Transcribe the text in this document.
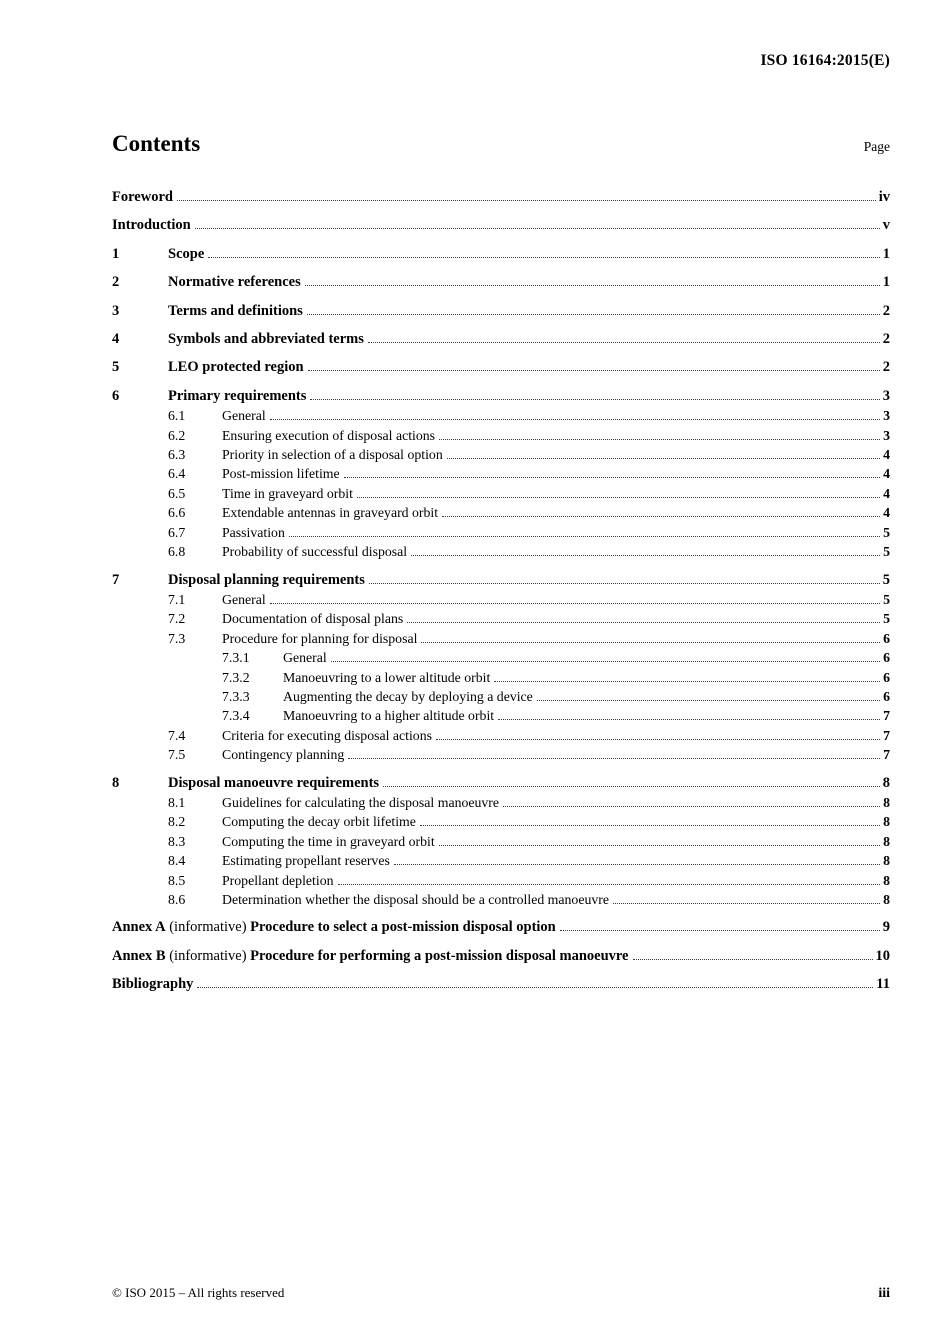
ISO 16164:2015(E)
Contents	Page
Foreword	iv
Introduction	v
1	Scope	1
2	Normative references	1
3	Terms and definitions	2
4	Symbols and abbreviated terms	2
5	LEO protected region	2
6	Primary requirements	3
6.1	General	3
6.2	Ensuring execution of disposal actions	3
6.3	Priority in selection of a disposal option	4
6.4	Post-mission lifetime	4
6.5	Time in graveyard orbit	4
6.6	Extendable antennas in graveyard orbit	4
6.7	Passivation	5
6.8	Probability of successful disposal	5
7	Disposal planning requirements	5
7.1	General	5
7.2	Documentation of disposal plans	5
7.3	Procedure for planning for disposal	6
7.3.1	General	6
7.3.2	Manoeuvring to a lower altitude orbit	6
7.3.3	Augmenting the decay by deploying a device	6
7.3.4	Manoeuvring to a higher altitude orbit	7
7.4	Criteria for executing disposal actions	7
7.5	Contingency planning	7
8	Disposal manoeuvre requirements	8
8.1	Guidelines for calculating the disposal manoeuvre	8
8.2	Computing the decay orbit lifetime	8
8.3	Computing the time in graveyard orbit	8
8.4	Estimating propellant reserves	8
8.5	Propellant depletion	8
8.6	Determination whether the disposal should be a controlled manoeuvre	8
Annex A (informative) Procedure to select a post-mission disposal option	9
Annex B (informative) Procedure for performing a post-mission disposal manoeuvre	10
Bibliography	11
© ISO 2015 – All rights reserved	iii
